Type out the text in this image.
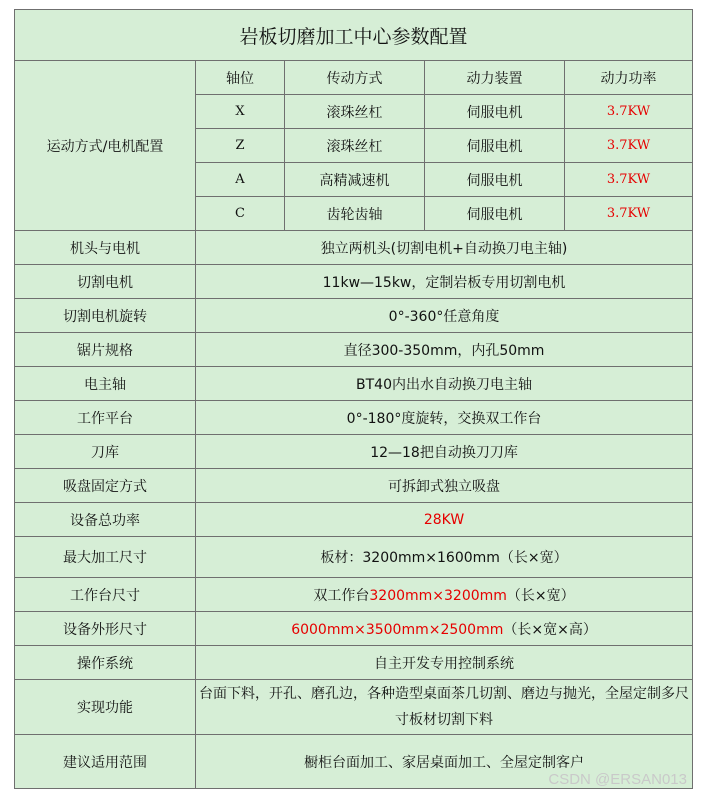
岩板切磨加工中心参数配置				
运动方式/电机配置	轴位	传动方式	动力装置	动力功率
	X	滚珠丝杠	伺服电机	3.7KW
	Z	滚珠丝杠	伺服电机	3.7KW
	A	高精减速机	伺服电机	3.7KW
	C	齿轮齿轴	伺服电机	3.7KW
机头与电机	独立两机头(切割电机+自动换刀电主轴)			
切割电机	11kw—15kw，定制岩板专用切割电机			
切割电机旋转	0°-360°任意角度			
锯片规格	直径300-350mm，内孔50mm			
电主轴	BT40内出水自动换刀电主轴			
工作平台	0°-180°度旋转，交换双工作台			
刀库	12—18把自动换刀刀库			
吸盘固定方式	可拆卸式独立吸盘			
设备总功率	28KW			
最大加工尺寸	板材：3200mm×1600mm（长×宽）			
工作台尺寸	双工作台3200mm×3200mm（长×宽）			
设备外形尺寸	6000mm×3500mm×2500mm（长×宽×高）			
操作系统	自主开发专用控制系统			
实现功能	台面下料，开孔、磨孔边，各种造型桌面茶几切割、磨边与抛光，全屋定制多尺寸板材切割下料			
建议适用范围	橱柜台面加工、家居桌面加工、全屋定制客户			
CSDN @ERSAN013
